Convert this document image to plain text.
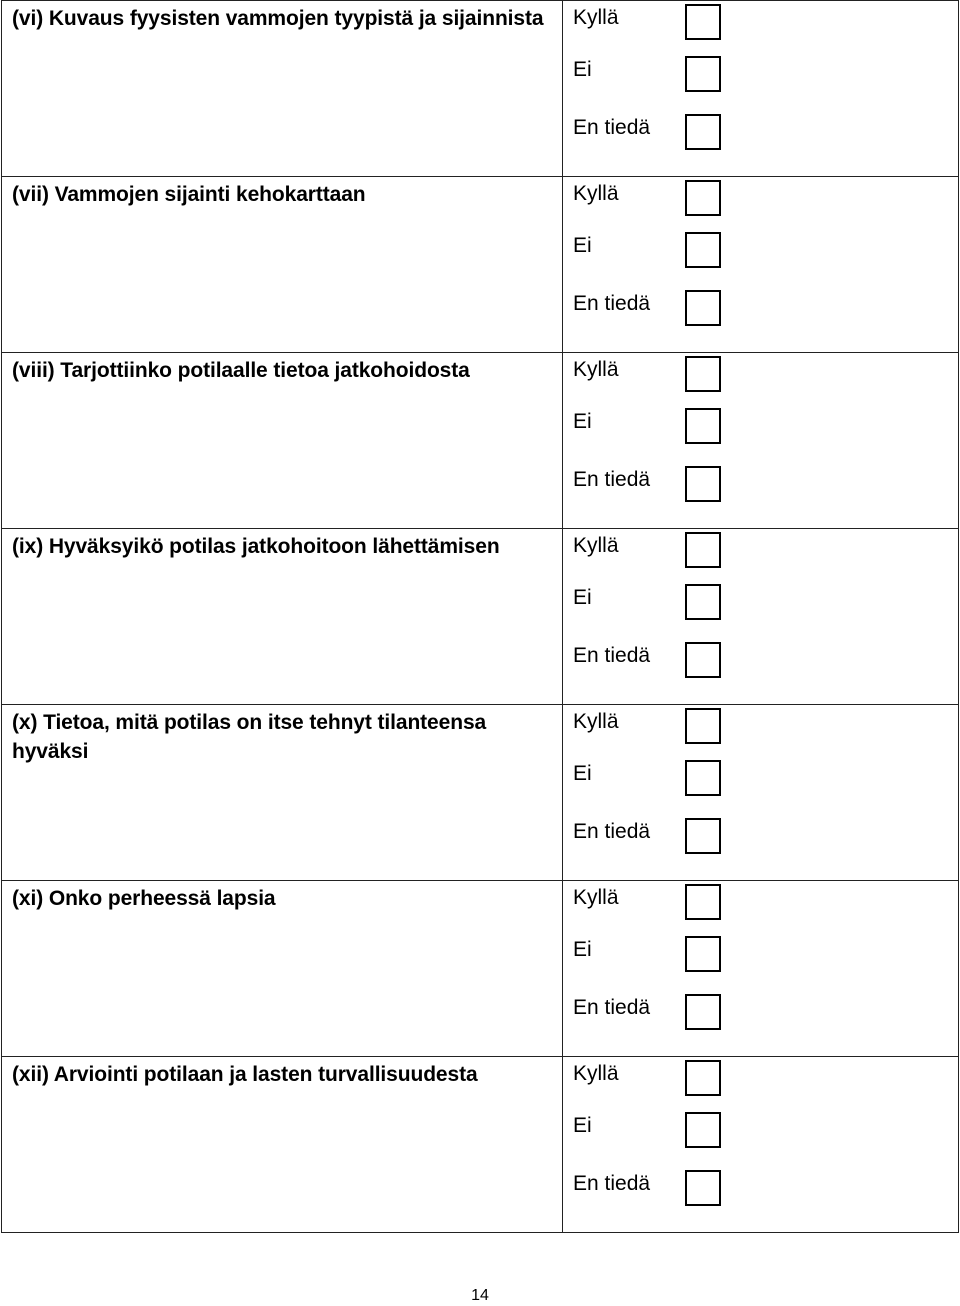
(vi) Kuvaus fyysisten vammojen tyypistä ja sijainnista	Kyllä
Ei
En tiedä

(vii) Vammojen sijainti kehokarttaan	Kyllä
Ei
En tiedä

(viii) Tarjottiinko potilaalle tietoa jatkohoidosta	Kyllä
Ei
En tiedä

(ix) Hyväksyikö potilas jatkohoitoon lähettämisen	Kyllä
Ei
En tiedä

(x) Tietoa, mitä potilas on itse tehnyt tilanteensa hyväksi	Kyllä
Ei
En tiedä

(xi) Onko perheessä lapsia	Kyllä
Ei
En tiedä

(xii) Arviointi potilaan ja lasten turvallisuudesta	Kyllä
Ei
En tiedä
14
